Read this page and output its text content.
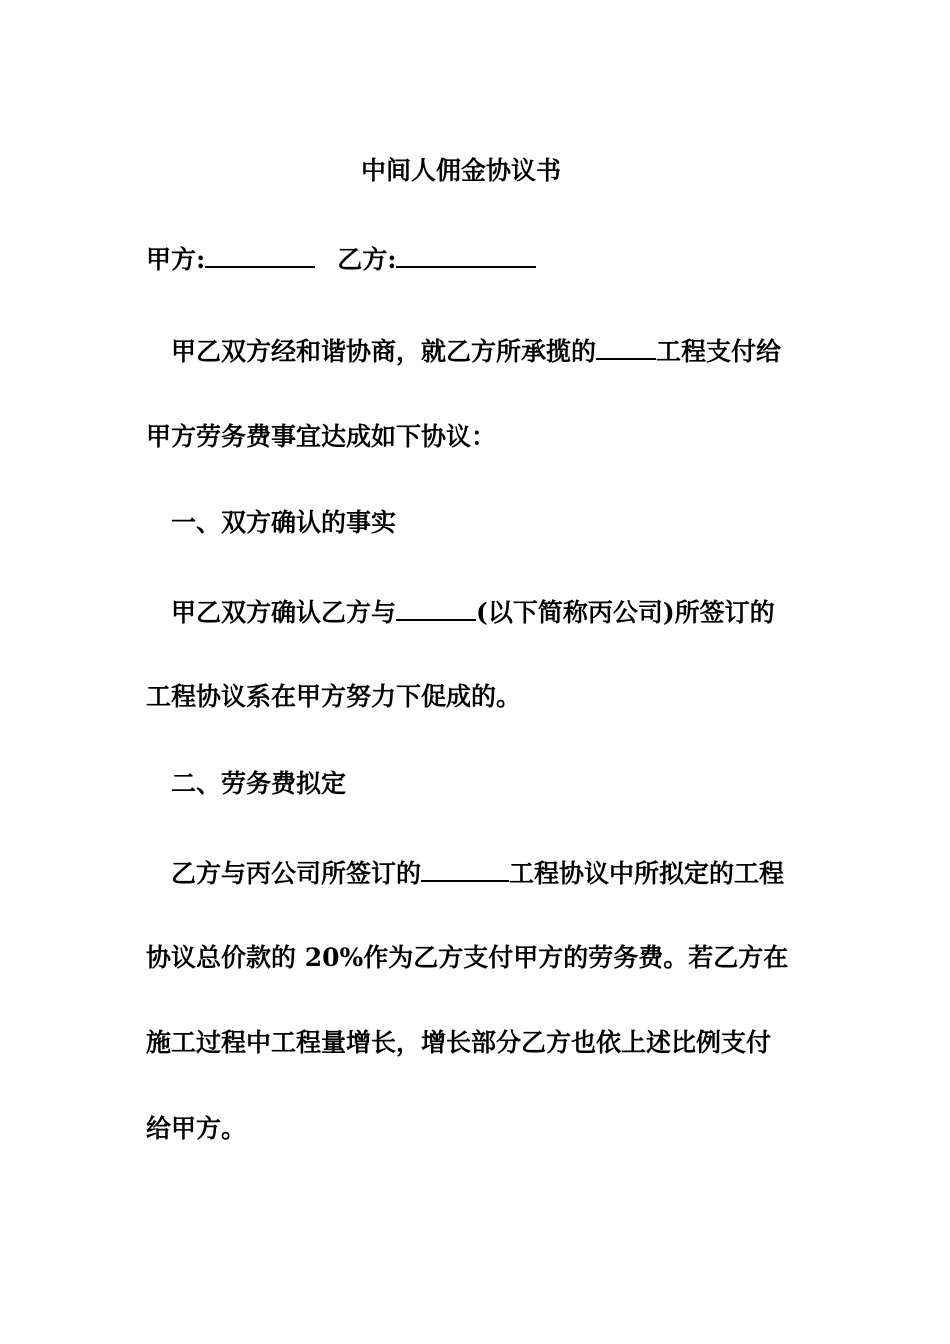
中间人佣金协议书
甲方:	乙方:
甲乙双方经和谐协商，就乙方所承揽的 工程支付给
甲方劳务费事宜达成如下协议：
一、双方确认的事实
甲乙双方确认乙方与	(以下简称丙公司)所签订的
工程协议系在甲方努力下促成的。
二、劳务费拟定
乙方与丙公司所签订的	工程协议中所拟定的工程
协议总价款的 20%作为乙方支付甲方的劳务费。若乙方在
施工过程中工程量增长，增长部分乙方也依上述比例支付
给甲方。
